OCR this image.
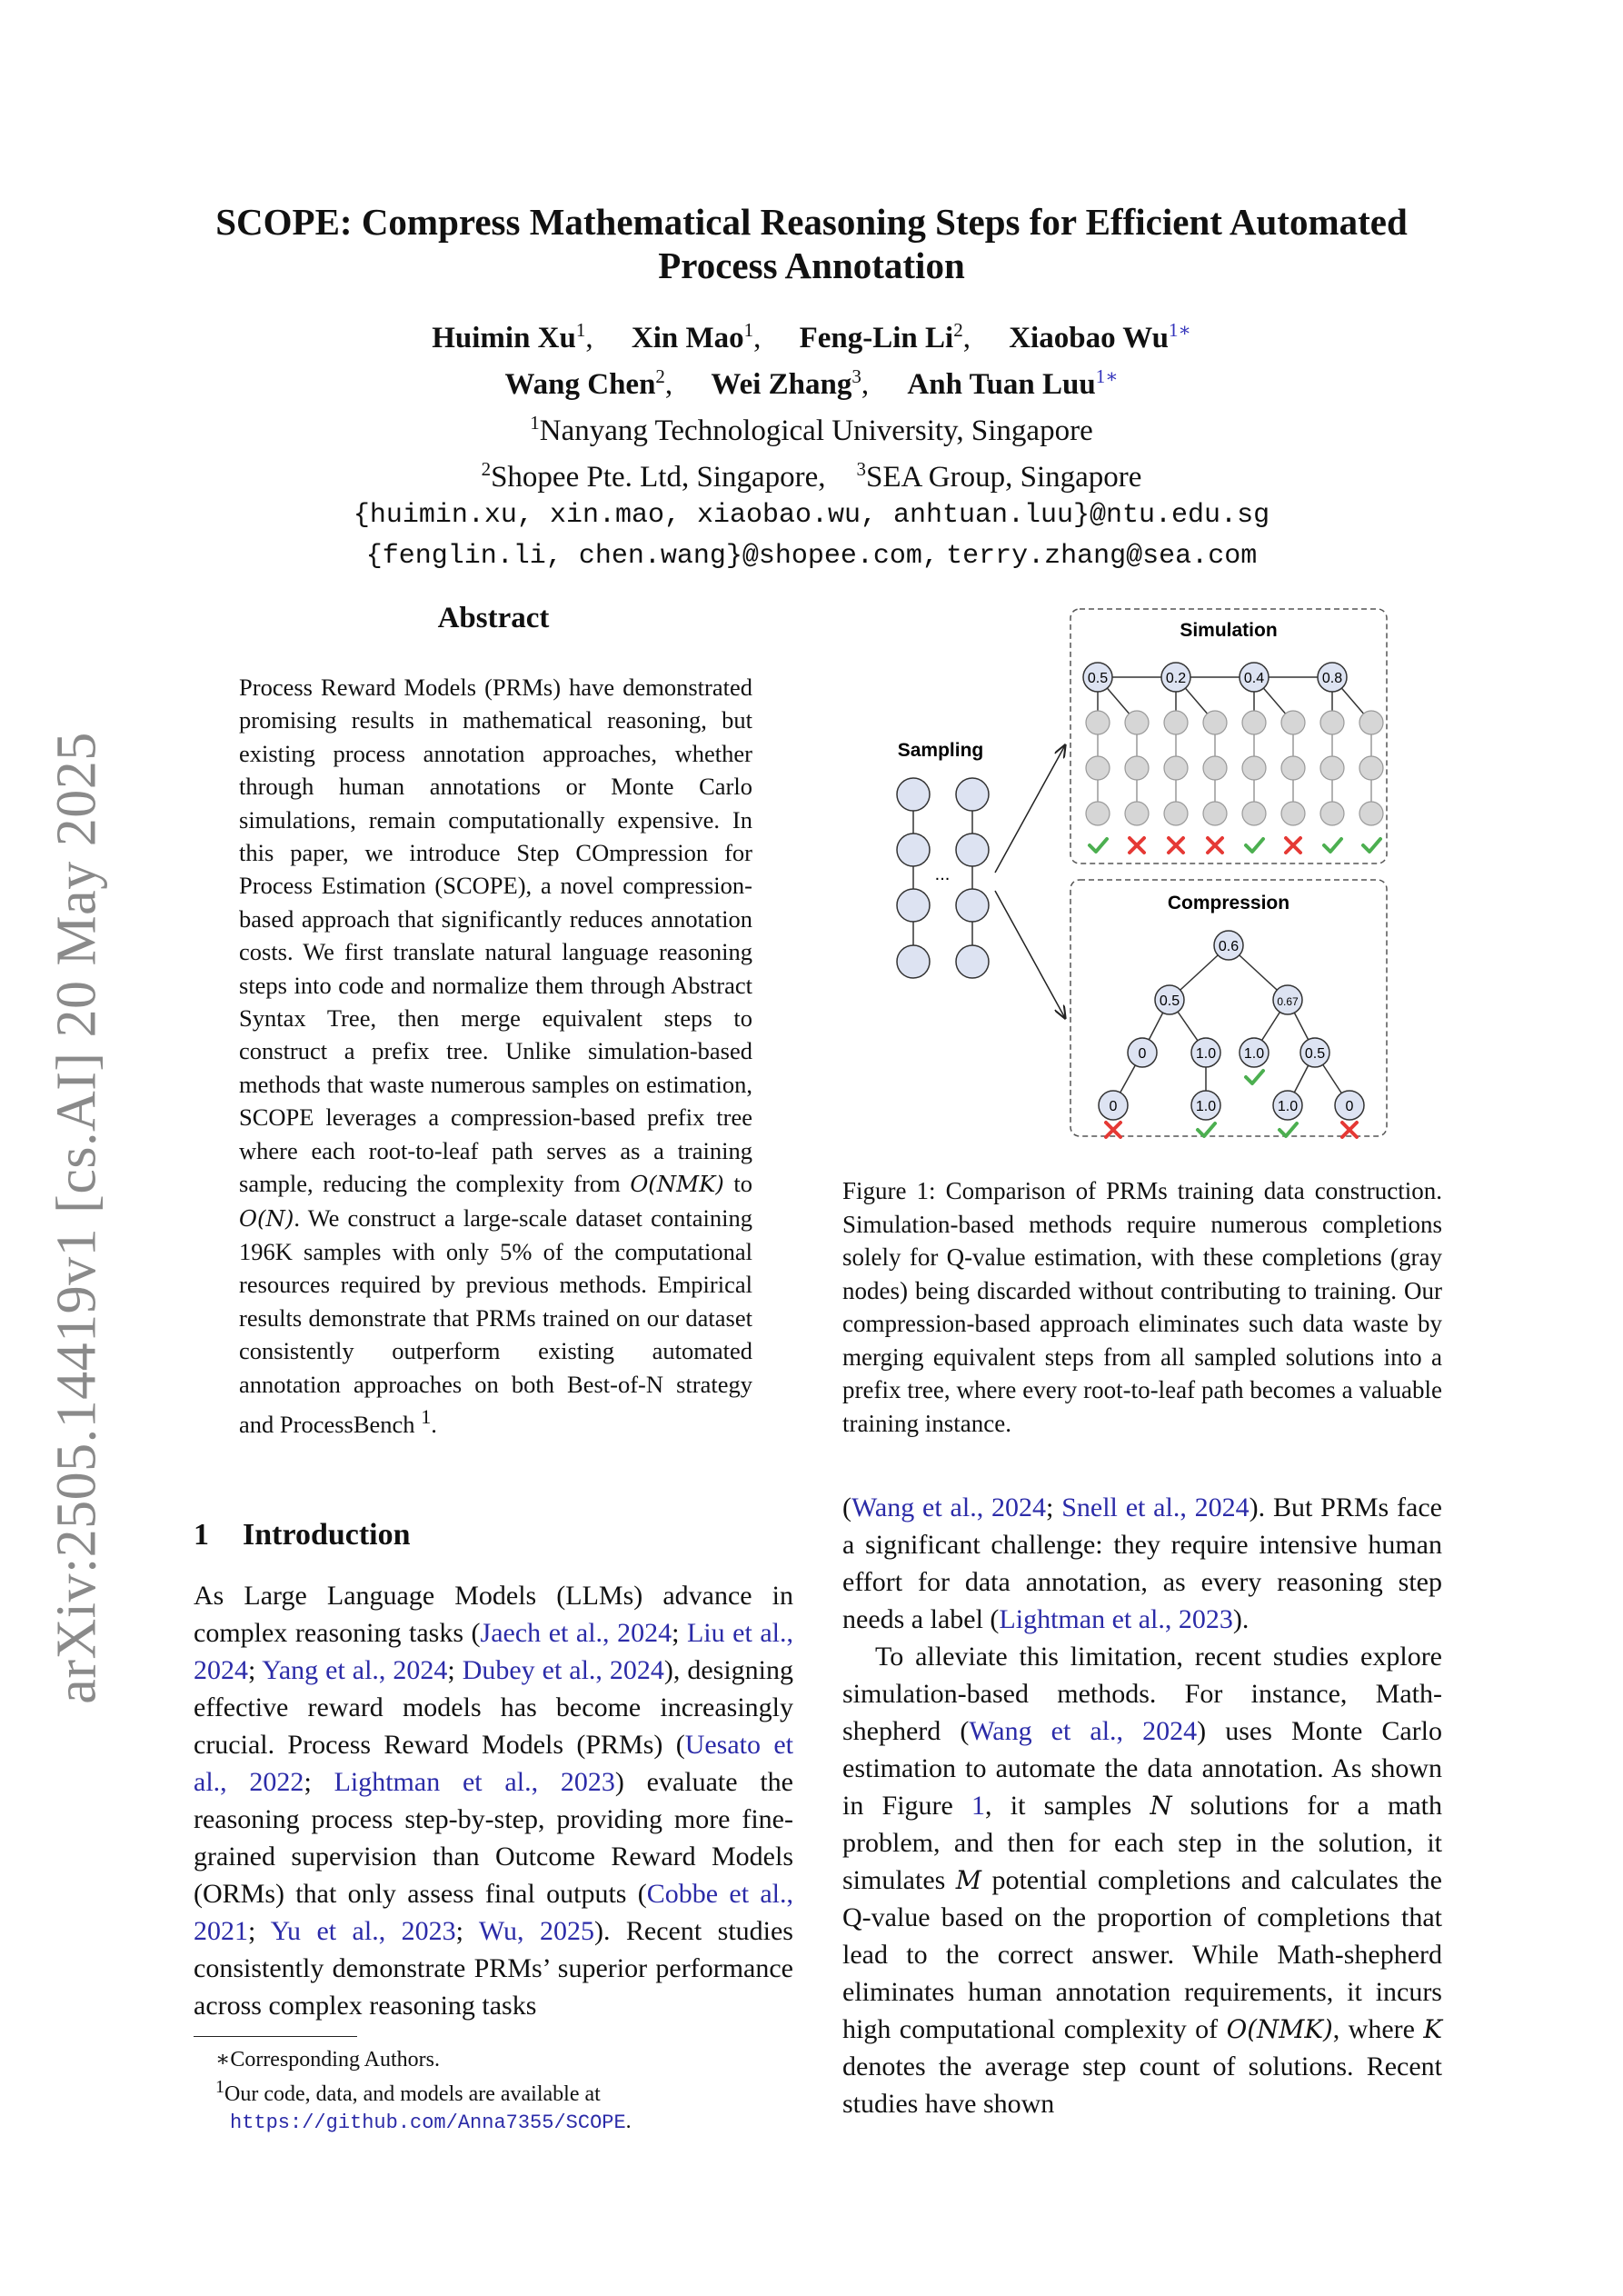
arXiv:2505.14419v1 [cs.AI] 20 May 2025
SCOPE: Compress Mathematical Reasoning Steps for Efficient Automated
Process Annotation
Huimin Xu$^1$, Xin Mao$^1$, Feng-Lin Li$^2$, Xiaobao $Wu^{1∗}$
Wang Chen$^2$, Wei Zhang$^3$, Anh Tuan Luu$^{1∗}$
$^1$Nanyang Technological University, Singapore
$^2$Shopee Pte. Ltd, Singapore, $^3$SEA Group, Singapore
{huimin.xu, xin.mao, xiaobao.wu, anhtuan.luu}@ntu.edu.sg
{fenglin.li, chen.wang}@shopee.com, terry.zhang@sea.com
Abstract
Process Reward Models (PRMs) have demonstrated promising results in mathematical reasoning, but existing process annotation approaches, whether through human annotations or Monte Carlo simulations, remain computationally expensive. In this paper, we introduce Step COmpression for Process Estimation (SCOPE), a novel compression-based approach that significantly reduces annotation costs. We first translate natural language reasoning steps into code and normalize them through Abstract Syntax Tree, then merge equivalent steps to construct a prefix tree. Unlike simulation-based methods that waste numerous samples on estimation, SCOPE leverages a compression-based prefix tree where each root-to-leaf path serves as a training sample, reducing the complexity from O(NMK) to O(N). We construct a large-scale dataset containing 196K samples with only 5% of the computational resources required by previous methods. Empirical results demonstrate that PRMs trained on our dataset consistently outperform existing automated annotation approaches on both Best-of-N strategy and ProcessBench $^1$.
1 Introduction
As Large Language Models (LLMs) advance in complex reasoning tasks (Jaech et al., 2024; Liu et al., 2024; Yang et al., 2024; Dubey et al., 2024), designing effective reward models has become increasingly crucial. Process Reward Models (PRMs) (Uesato et al., 2022; Lightman et al., 2023) evaluate the reasoning process step-by-step, providing more fine-grained supervision than Outcome Reward Models (ORMs) that only assess final outputs (Cobbe et al., 2021; Yu et al., 2023; Wu, 2025). Recent studies consistently demonstrate PRMs’ superior performance across complex reasoning tasks
∗Corresponding Authors.
$^1$Our code, data, and models are available at https://github.com/Anna7355/SCOPE.
Sampling
Simulation
Compression
...
0.5	0.2	0.4	0.8
0.6
0.5	0.67
0	1.0 1.0	0.5
0	1.0	1.0	0
Figure 1: Comparison of PRMs training data construction. Simulation-based methods require numerous completions solely for Q-value estimation, with these completions (gray nodes) being discarded without contributing to training. Our compression-based approach eliminates such data waste by merging equivalent steps from all sampled solutions into a prefix tree, where every root-to-leaf path becomes a valuable training instance.

(Wang et al., 2024; Snell et al., 2024). But PRMs face a significant challenge: they require intensive human effort for data annotation, as every reasoning step needs a label (Lightman et al., 2023).

To alleviate this limitation, recent studies explore simulation-based methods. For instance, Math-shepherd (Wang et al., 2024) uses Monte Carlo estimation to automate the data annotation. As shown in Figure 1, it samples N solutions for a math problem, and then for each step in the solution, it simulates M potential completions and calculates the Q-value based on the proportion of completions that lead to the correct answer. While Math-shepherd eliminates human annotation requirements, it incurs high computational complexity of O(NMK), where K denotes the average step count of solutions. Recent studies have shown
